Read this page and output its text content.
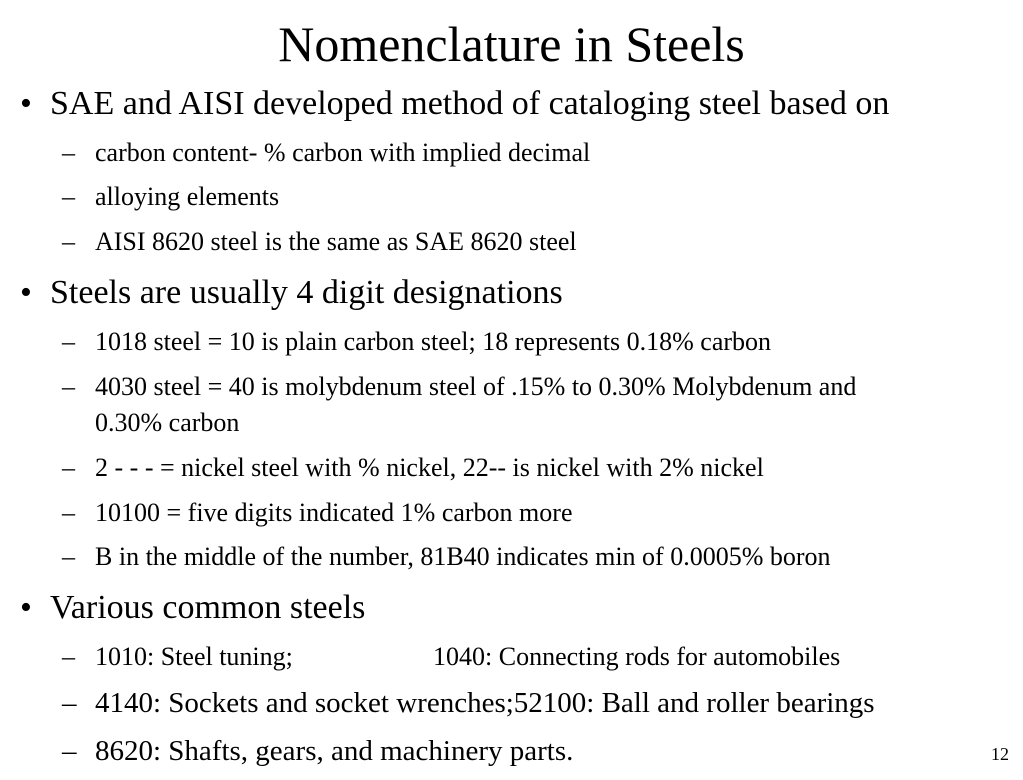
Nomenclature in Steels
• SAE and AISI developed method of cataloging steel based on
– carbon content- % carbon with implied decimal
– alloying elements
– AISI 8620 steel is the same as SAE 8620 steel
• Steels are usually 4 digit designations
– 1018 steel = 10 is plain carbon steel; 18 represents 0.18% carbon
– 4030 steel = 40 is molybdenum steel of .15% to 0.30% Molybdenum and
0.30% carbon
– 2 - - - = nickel steel with % nickel, 22-- is nickel with 2% nickel
– 10100 = five digits indicated 1% carbon more
– B in the middle of the number, 81B40 indicates min of 0.0005% boron
• Various common steels
– 1010: Steel tuning;	1040: Connecting rods for automobiles
– 4140: Sockets and socket wrenches;52100: Ball and roller bearings
– 8620: Shafts, gears, and machinery parts.	12
